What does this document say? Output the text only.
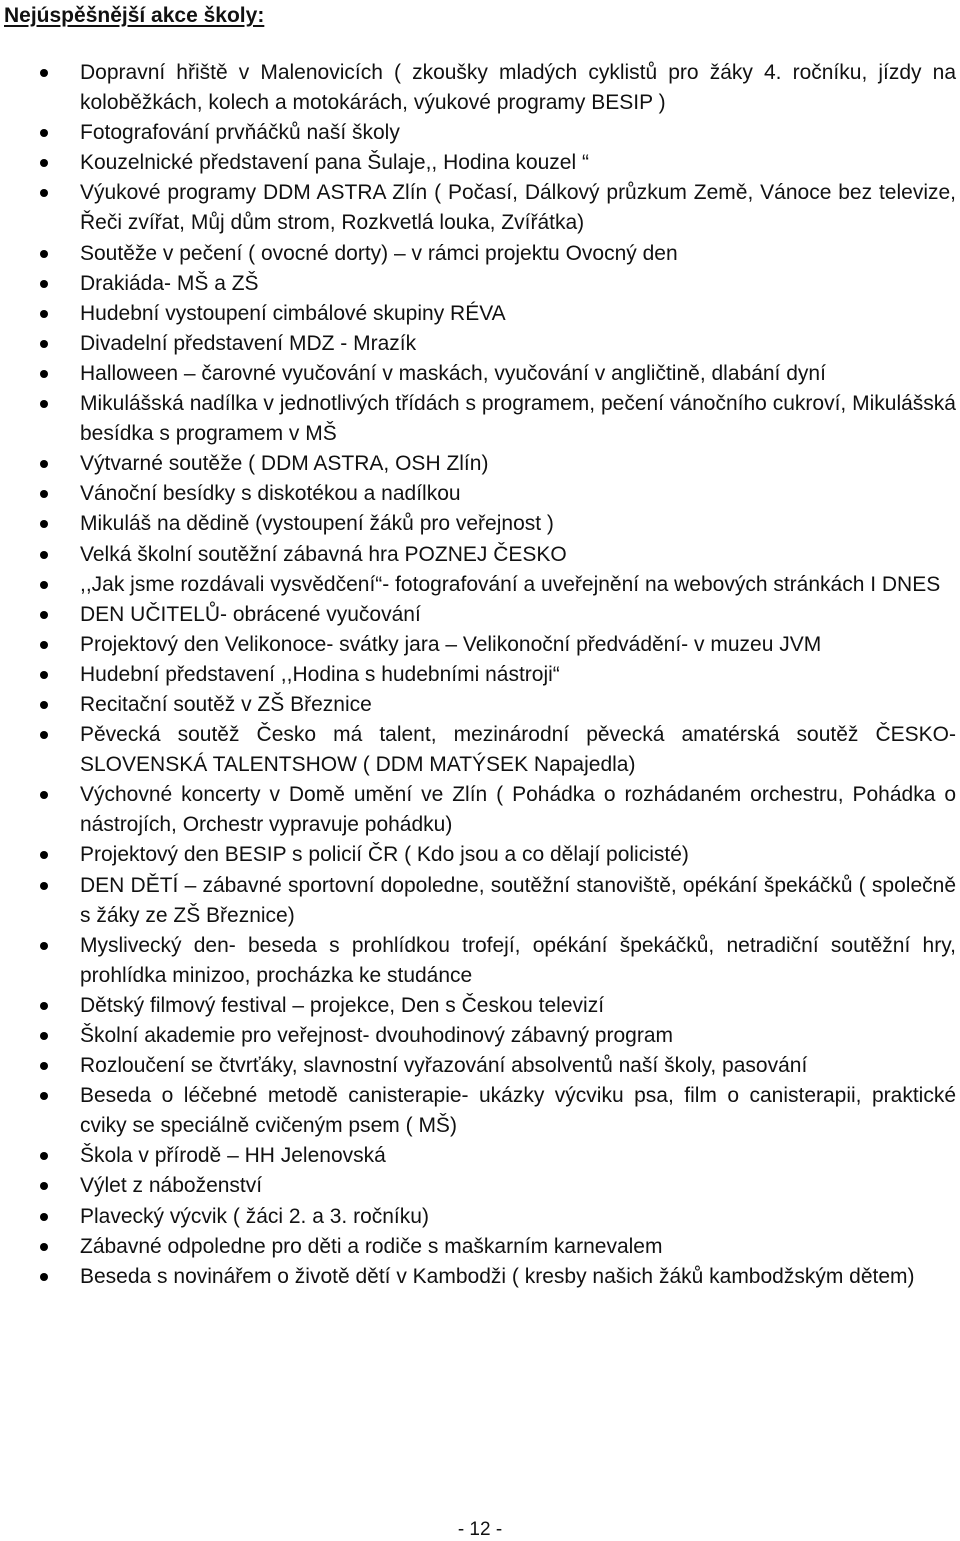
Nejúspěšnější akce školy:
Dopravní hřiště v Malenovicích ( zkoušky mladých cyklistů pro žáky 4. ročníku, jízdy na koloběžkách, kolech a motokárách, výukové programy BESIP )
Fotografování prvňáčků naší školy
Kouzelnické představení pana Šulaje,, Hodina kouzel “
Výukové programy DDM ASTRA Zlín ( Počasí, Dálkový průzkum Země, Vánoce bez televize, Řeči zvířat, Můj dům strom, Rozkvetlá louka, Zvířátka)
Soutěže v pečení ( ovocné dorty) – v rámci projektu Ovocný den
Drakiáda- MŠ a ZŠ
Hudební vystoupení cimbálové skupiny RÉVA
Divadelní představení MDZ - Mrazík
Halloween – čarovné vyučování v maskách, vyučování v angličtině, dlabání dyní
Mikulášská nadílka v jednotlivých třídách s programem, pečení vánočního cukroví, Mikulášská besídka s programem v MŠ
Výtvarné soutěže ( DDM ASTRA, OSH Zlín)
Vánoční besídky s diskotékou a nadílkou
Mikuláš na dědině (vystoupení žáků pro veřejnost )
Velká školní soutěžní zábavná hra POZNEJ ČESKO
,,Jak jsme rozdávali vysvědčení“- fotografování a uveřejnění na webových stránkách I DNES
DEN UČITELŮ- obrácené vyučování
Projektový den Velikonoce- svátky jara – Velikonoční předvádění- v muzeu JVM
Hudební představení ,,Hodina s hudebními nástroji“
Recitační soutěž v ZŠ Březnice
Pěvecká soutěž Česko má talent, mezinárodní pěvecká amatérská soutěž ČESKO-SLOVENSKÁ TALENTSHOW ( DDM MATÝSEK Napajedla)
Výchovné koncerty v Domě umění ve Zlín ( Pohádka o rozhádaném orchestru, Pohádka o nástrojích, Orchestr vypravuje pohádku)
Projektový den BESIP s policií ČR ( Kdo jsou a co dělají policisté)
DEN DĚTÍ – zábavné sportovní dopoledne, soutěžní stanoviště, opékání špekáčků ( společně s žáky ze ZŠ Březnice)
Myslivecký den- beseda s prohlídkou trofejí, opékání špekáčků, netradiční soutěžní hry, prohlídka minizoo, procházka ke studánce
Dětský filmový festival – projekce, Den s Českou televizí
Školní akademie pro veřejnost- dvouhodinový zábavný program
Rozloučení se čtvrťáky, slavnostní vyřazování absolventů naší školy, pasování
Beseda o léčebné metodě canisterapie- ukázky výcviku psa, film o canisterapii, praktické cviky se speciálně cvičeným psem ( MŠ)
Škola v přírodě – HH Jelenovská
Výlet z náboženství
Plavecký výcvik ( žáci 2. a 3. ročníku)
Zábavné odpoledne pro děti a rodiče s maškarním karnevalem
Beseda s novinářem o životě dětí v Kambodži ( kresby našich žáků kambodžským dětem)
- 12 -
